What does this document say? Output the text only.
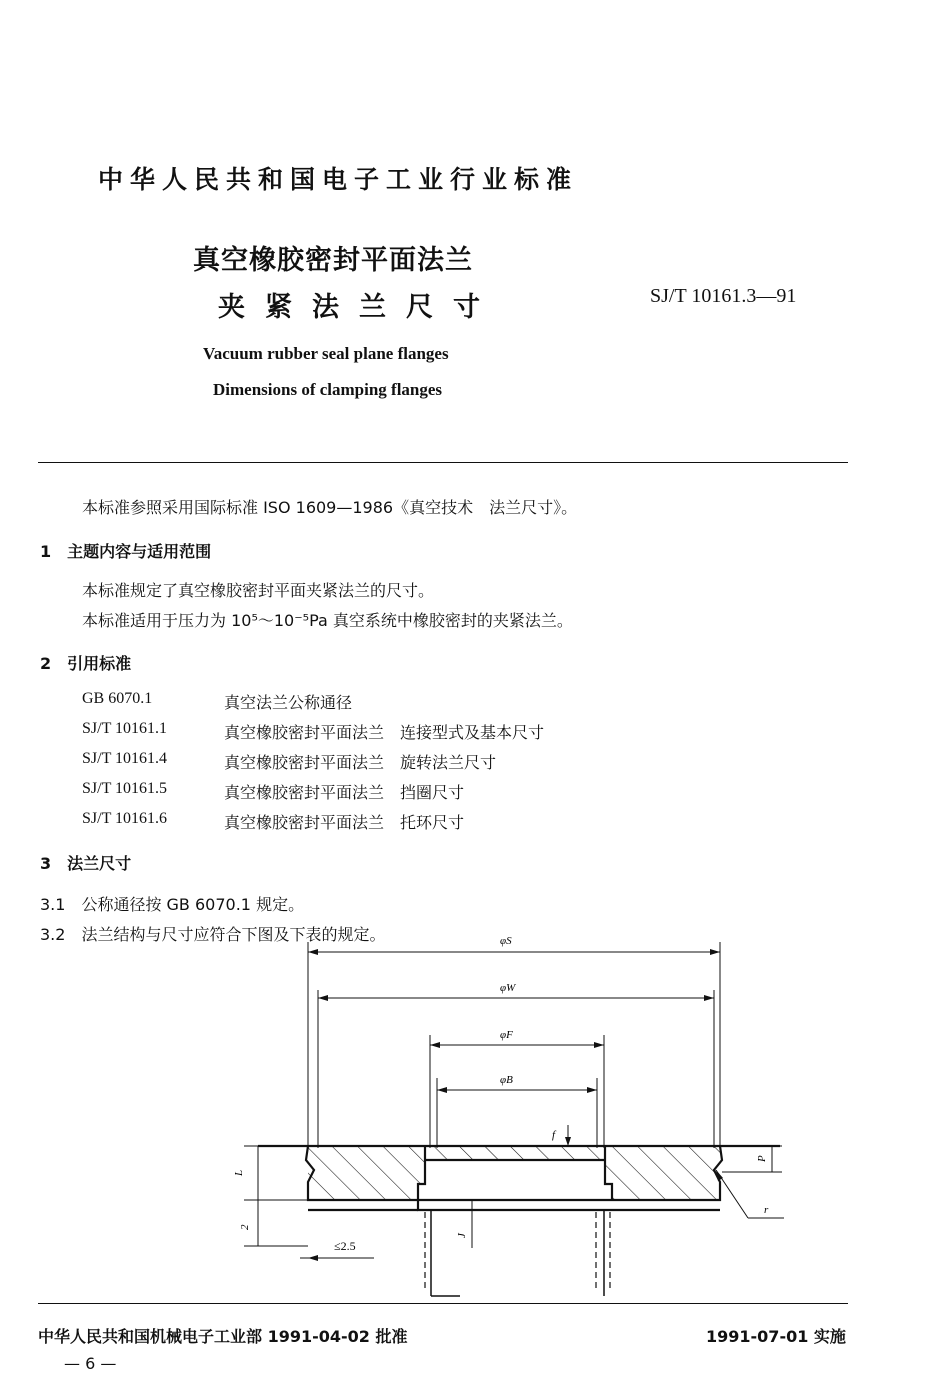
中华人民共和国电子工业行业标准
真空橡胶密封平面法兰
夹紧法兰尺寸	SJ/T 10161.3—91
Vacuum rubber seal plane flanges
Dimensions of clamping flanges
本标准参照采用国际标准 ISO 1609—1986《真空技术　法兰尺寸》。
1　主题内容与适用范围
本标准规定了真空橡胶密封平面夹紧法兰的尺寸。
本标准适用于压力为 10⁵～10⁻⁵Pa 真空系统中橡胶密封的夹紧法兰。
2　引用标准
GB 6070.1	真空法兰公称通径
SJ/T 10161.1	真空橡胶密封平面法兰　连接型式及基本尺寸
SJ/T 10161.4	真空橡胶密封平面法兰　旋转法兰尺寸
SJ/T 10161.5	真空橡胶密封平面法兰　挡圈尺寸
SJ/T 10161.6	真空橡胶密封平面法兰　托环尺寸
3　法兰尺寸
3.1　公称通径按 GB 6070.1 规定。
3.2　法兰结构与尺寸应符合下图及下表的规定。	φS
φW
φF
φB
f
L
2
≤2.5
J
P
r
中华人民共和国机械电子工业部 1991-04-02 批准	1991-07-01 实施
— 6 —
